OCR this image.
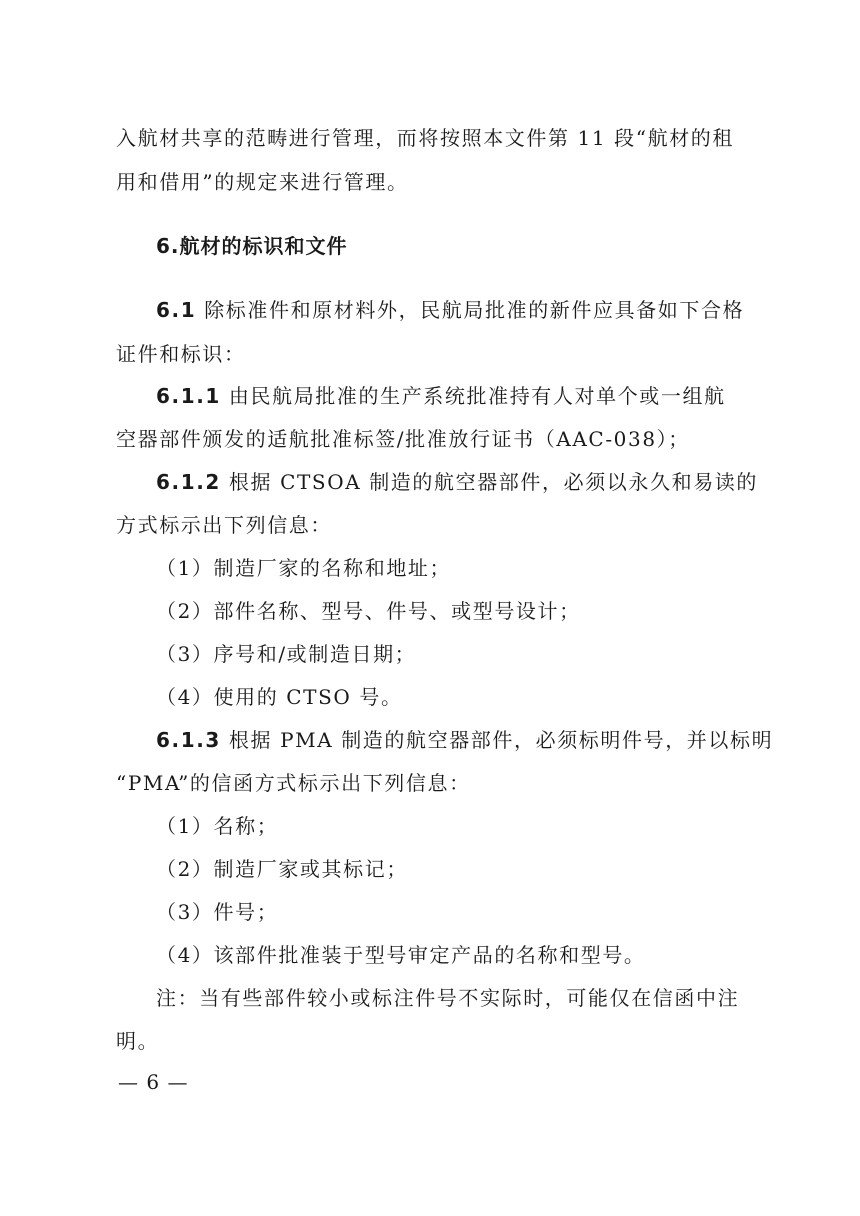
入航材共享的范畴进行管理，而将按照本文件第 11 段“航材的租
用和借用”的规定来进行管理。
6.航材的标识和文件
6.1 除标准件和原材料外，民航局批准的新件应具备如下合格
证件和标识：
6.1.1 由民航局批准的生产系统批准持有人对单个或一组航
空器部件颁发的适航批准标签/批准放行证书（AAC-038）；
6.1.2 根据 CTSOA 制造的航空器部件，必须以永久和易读的
方式标示出下列信息：
（1）制造厂家的名称和地址；
（2）部件名称、型号、件号、或型号设计；
（3）序号和/或制造日期；
（4）使用的 CTSO 号。
6.1.3 根据 PMA 制造的航空器部件，必须标明件号，并以标明
“PMA”的信函方式标示出下列信息：
（1）名称；
（2）制造厂家或其标记；
（3）件号；
（4）该部件批准装于型号审定产品的名称和型号。
注：当有些部件较小或标注件号不实际时，可能仅在信函中注
明。
— 6 —
